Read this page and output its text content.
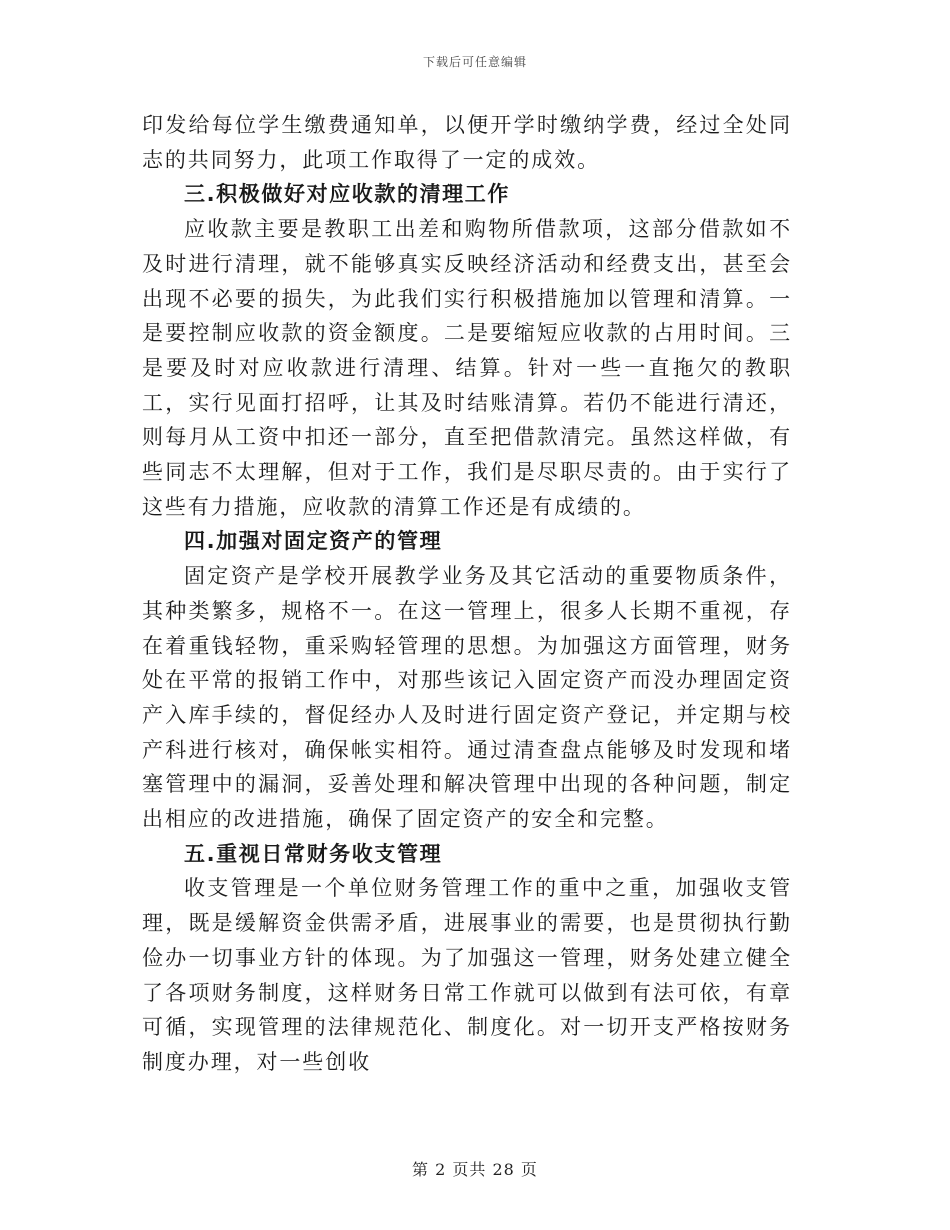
下载后可任意编辑

印发给每位学生缴费通知单，以便开学时缴纳学费，经过全处同志的共同努力，此项工作取得了一定的成效。

三.积极做好对应收款的清理工作

应收款主要是教职工出差和购物所借款项，这部分借款如不及时进行清理，就不能够真实反映经济活动和经费支出，甚至会出现不必要的损失，为此我们实行积极措施加以管理和清算。一是要控制应收款的资金额度。二是要缩短应收款的占用时间。三是要及时对应收款进行清理、结算。针对一些一直拖欠的教职工，实行见面打招呼，让其及时结账清算。若仍不能进行清还，则每月从工资中扣还一部分，直至把借款清完。虽然这样做，有些同志不太理解，但对于工作，我们是尽职尽责的。由于实行了这些有力措施，应收款的清算工作还是有成绩的。

四.加强对固定资产的管理

固定资产是学校开展教学业务及其它活动的重要物质条件，其种类繁多，规格不一。在这一管理上，很多人长期不重视，存在着重钱轻物，重采购轻管理的思想。为加强这方面管理，财务处在平常的报销工作中，对那些该记入固定资产而没办理固定资产入库手续的，督促经办人及时进行固定资产登记，并定期与校产科进行核对，确保帐实相符。通过清查盘点能够及时发现和堵塞管理中的漏洞，妥善处理和解决管理中出现的各种问题，制定出相应的改进措施，确保了固定资产的安全和完整。

五.重视日常财务收支管理

收支管理是一个单位财务管理工作的重中之重，加强收支管理，既是缓解资金供需矛盾，进展事业的需要，也是贯彻执行勤俭办一切事业方针的体现。为了加强这一管理，财务处建立健全了各项财务制度，这样财务日常工作就可以做到有法可依，有章可循，实现管理的法律规范化、制度化。对一切开支严格按财务制度办理，对一些创收

第 2 页共 28 页
